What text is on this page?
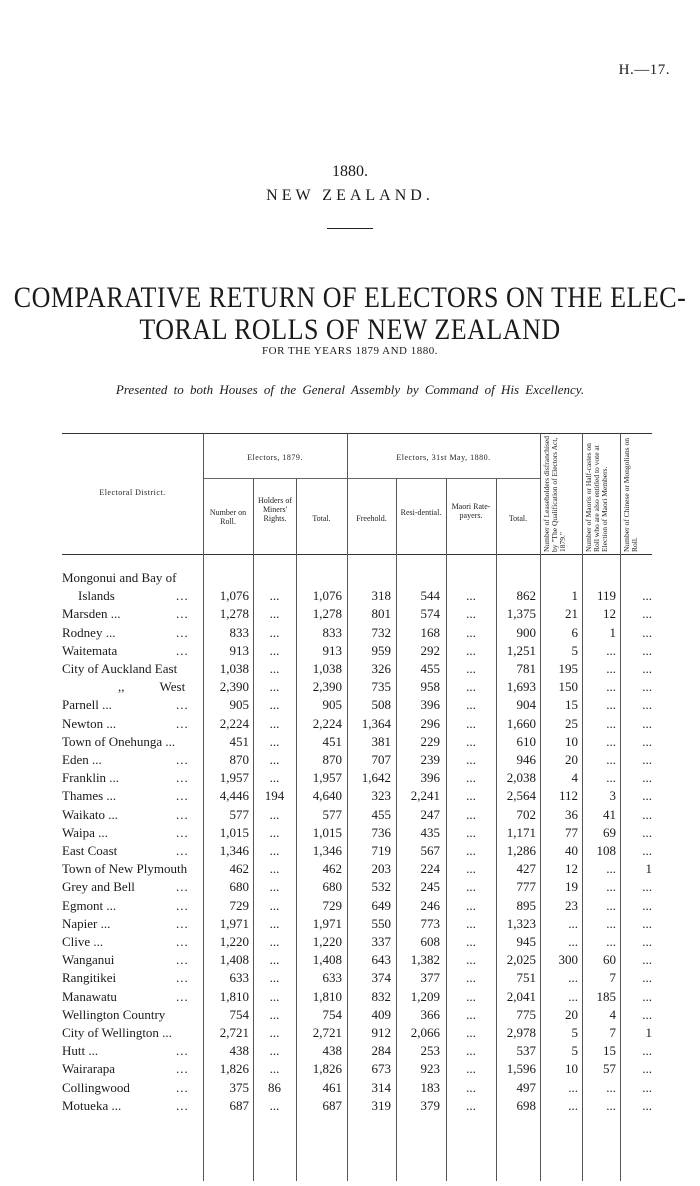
H.—17.
1880.
NEW ZEALAND.
COMPARATIVE RETURN OF ELECTORS ON THE ELEC-
TORAL ROLLS OF NEW ZEALAND
FOR THE YEARS 1879 AND 1880.
Presented to both Houses of the General Assembly by Command of His Excellency.
Electoral District.
Electors, 1879.	Electors, 31st May, 1880.
Number on Roll.
Holders of Miners' Rights.	Total.	Freehold.
Resi-dential.
Maori Rate-payers.	Total.	Number of Leaseholders disfranchised by "The Qualification of Electors Act, 1879."	Number of Maoris or Half-castes on Roll who are also entitled to vote at Election of Maori Members.	Number of Chinese or Mongolians on Roll.
Mongonui and Bay of
Islands	...	1,076	...	1,076	318	544	...	862	1	119	...
Marsden ...	...	1,278	...	1,278	801	574	...	1,375	21	12	...
Rodney ...	...	833	...	833	732	168	...	900	6	1	...
Waitemata	...	913	...	913	959	292	...	1,251	5	...	...
City of Auckland East	1,038	...	1,038	326	455	...	781	195	...	...
,, West	2,390	...	2,390	735	958	...	1,693	150	...	...
Parnell ...	...	905	...	905	508	396	...	904	15	...	...
Newton ...	...	2,224	...	2,224	1,364	296	...	1,660	25	...	...
Town of Onehunga ...	451	...	451	381	229	...	610	10	...	...
Eden ...	...	870	...	870	707	239	...	946	20	...	...
Franklin ...	...	1,957	...	1,957	1,642	396	...	2,038	4	...	...
Thames ...	...	4,446	194	4,640	323	2,241	...	2,564	112	3	...
Waikato ...	...	577	...	577	455	247	...	702	36	41	...
Waipa ...	...	1,015	...	1,015	736	435	...	1,171	77	69	...
East Coast	...	1,346	...	1,346	719	567	...	1,286	40	108	...
Town of New Plymouth	462	...	462	203	224	...	427	12	...	1
Grey and Bell	...	680	...	680	532	245	...	777	19	...	...
Egmont ...	...	729	...	729	649	246	...	895	23	...	...
Napier ...	...	1,971	...	1,971	550	773	...	1,323	...	...	...
Clive ...	...	1,220	...	1,220	337	608	...	945	...	...	...
Wanganui	...	1,408	...	1,408	643	1,382	...	2,025	300	60	...
Rangitikei	...	633	...	633	374	377	...	751	...	7	...
Manawatu	...	1,810	...	1,810	832	1,209	...	2,041	...	185	...
Wellington Country	754	...	754	409	366	...	775	20	4	...
City of Wellington ...	2,721	...	2,721	912	2,066	...	2,978	5	7	1
Hutt ...	...	438	...	438	284	253	...	537	5	15	...
Wairarapa	...	1,826	...	1,826	673	923	...	1,596	10	57	...
Collingwood	...	375	86	461	314	183	...	497	...	...	...
Motueka ...	...	687	...	687	319	379	...	698	...	...	...
